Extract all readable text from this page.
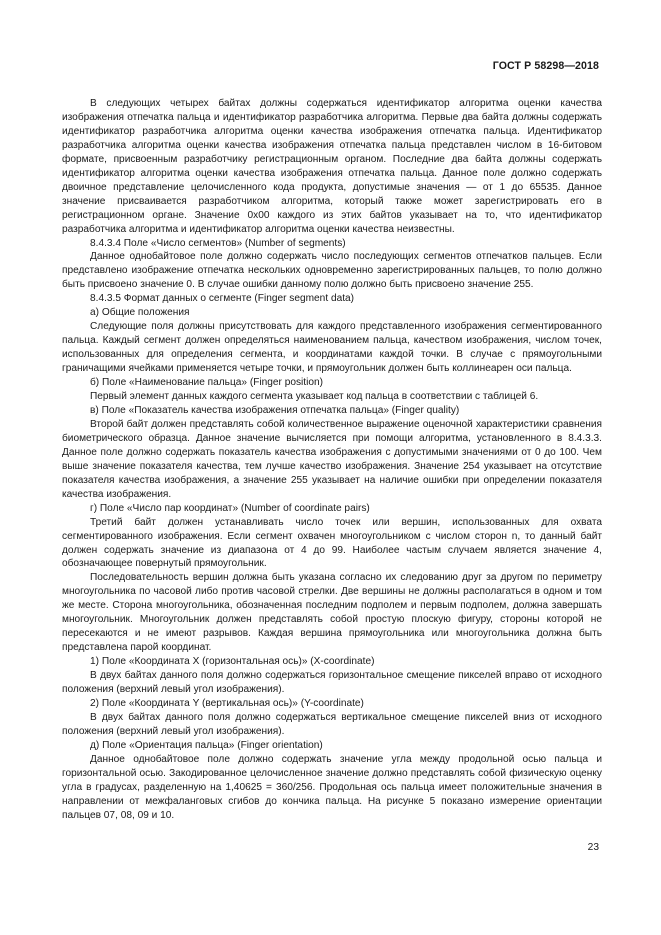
ГОСТ Р 58298—2018

В следующих четырех байтах должны содержаться идентификатор алгоритма оценки качества изображения отпечатка пальца и идентификатор разработчика алгоритма. Первые два байта должны содержать идентификатор разработчика алгоритма оценки качества изображения отпечатка пальца. Идентификатор разработчика алгоритма оценки качества изображения отпечатка пальца представлен числом в 16-битовом формате, присвоенным разработчику регистрационным органом. Последние два байта должны содержать идентификатор алгоритма оценки качества изображения отпечатка пальца. Данное поле должно содержать двоичное представление целочисленного кода продукта, допустимые значения — от 1 до 65535. Данное значение присваивается разработчиком алгоритма, который также может зарегистрировать его в регистрационном органе. Значение 0x00 каждого из этих байтов указывает на то, что идентификатор разработчика алгоритма и идентификатор алгоритма оценки качества неизвестны.

8.4.3.4 Поле «Число сегментов» (Number of segments)

Данное однобайтовое поле должно содержать число последующих сегментов отпечатков пальцев. Если представлено изображение отпечатка нескольких одновременно зарегистрированных пальцев, то полю должно быть присвоено значение 0. В случае ошибки данному полю должно быть присвоено значение 255.

8.4.3.5 Формат данных о сегменте (Finger segment data)

а) Общие положения

Следующие поля должны присутствовать для каждого представленного изображения сегментированного пальца. Каждый сегмент должен определяться наименованием пальца, качеством изображения, числом точек, использованных для определения сегмента, и координатами каждой точки. В случае с прямоугольными граничащими ячейками применяется четыре точки, и прямоугольник должен быть коллинеарен оси пальца.

б) Поле «Наименование пальца» (Finger position)

Первый элемент данных каждого сегмента указывает код пальца в соответствии с таблицей 6.

в) Поле «Показатель качества изображения отпечатка пальца» (Finger quality)

Второй байт должен представлять собой количественное выражение оценочной характеристики сравнения биометрического образца. Данное значение вычисляется при помощи алгоритма, установленного в 8.4.3.3. Данное поле должно содержать показатель качества изображения с допустимыми значениями от 0 до 100. Чем выше значение показателя качества, тем лучше качество изображения. Значение 254 указывает на отсутствие показателя качества изображения, а значение 255 указывает на наличие ошибки при определении показателя качества изображения.

г) Поле «Число пар координат» (Number of coordinate pairs)

Третий байт должен устанавливать число точек или вершин, использованных для охвата сегментированного изображения. Если сегмент охвачен многоугольником с числом сторон n, то данный байт должен содержать значение из диапазона от 4 до 99. Наиболее частым случаем является значение 4, обозначающее повернутый прямоугольник.

Последовательность вершин должна быть указана согласно их следованию друг за другом по периметру многоугольника по часовой либо против часовой стрелки. Две вершины не должны располагаться в одном и том же месте. Сторона многоугольника, обозначенная последним подполем и первым подполем, должна завершать многоугольник. Многоугольник должен представлять собой простую плоскую фигуру, стороны которой не пересекаются и не имеют разрывов. Каждая вершина прямоугольника или многоугольника должна быть представлена парой координат.

1) Поле «Координата X (горизонтальная ось)» (X-coordinate)

В двух байтах данного поля должно содержаться горизонтальное смещение пикселей вправо от исходного положения (верхний левый угол изображения).

2) Поле «Координата Y (вертикальная ось)» (Y-coordinate)

В двух байтах данного поля должно содержаться вертикальное смещение пикселей вниз от исходного положения (верхний левый угол изображения).

д) Поле «Ориентация пальца» (Finger orientation)

Данное однобайтовое поле должно содержать значение угла между продольной осью пальца и горизонтальной осью. Закодированное целочисленное значение должно представлять собой физическую оценку угла в градусах, разделенную на 1,40625 = 360/256. Продольная ось пальца имеет положительные значения в направлении от межфаланговых сгибов до кончика пальца. На рисунке 5 показано измерение ориентации пальцев 07, 08, 09 и 10.

23
